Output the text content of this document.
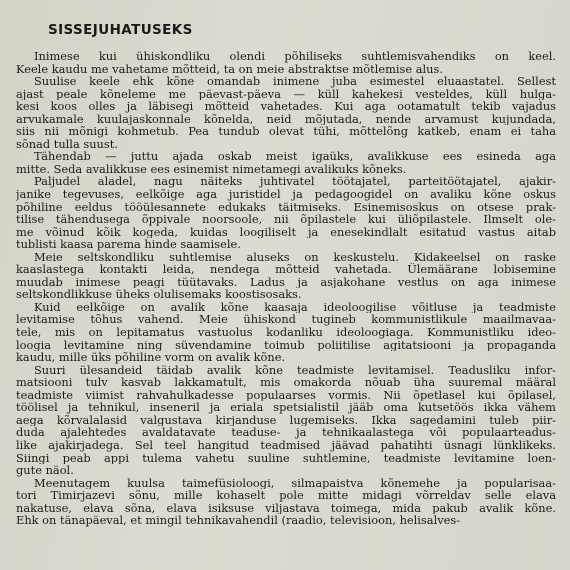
SISSEJUHATUSEKS
Inimese kui ühiskondliku olendi põhiliseks suhtlemisvahendiks on keel.
Keele kaudu me vahetame mõtteid, ta on meie abstraktse mõtlemise alus.
Suulise keele ehk kõne omandab inimene juba esimestel eluaastatel. Sellest
ajast peale kõneleme me päevast-päeva — küll kahekesi vesteldes, küll hulga-
kesi koos olles ja läbisegi mõtteid vahetades. Kui aga ootamatult tekib vajadus
arvukamale kuulajaskonnale kõnelda, neid mõjutada, nende arvamust kujundada,
siis nii mõnigi kohmetub. Pea tundub olevat tühi, mõttelõng katkeb, enam ei taha
sõnad tulla suust.
Tähendab — juttu ajada oskab meist igaüks, avalikkuse ees esineda aga
mitte. Seda avalikkuse ees esinemist nimetamegi avalikuks kõneks.
Paljudel aladel, nagu näiteks juhtivatel töötajatel, parteitöötajatel, ajakir-
janike tegevuses, eelkõige aga juristidel ja pedagoogidel on avaliku kõne oskus
põhiline eeldus tööülesannete edukaks täitmiseks. Esinemisoskus on otsese prak-
tilise tähendusega õppivale noorsoole, nii õpilastele kui üliõpilastele. Ilmselt ole-
me võinud kõik kogeda, kuidas loogiliselt ja enesekindlalt esitatud vastus aitab
tublisti kaasa parema hinde saamisele.
Meie seltskondliku suhtlemise aluseks on keskustelu. Kidakeelsel on raske
kaaslastega kontakti leida, nendega mõtteid vahetada. Ülemäärane lobisemine
muudab inimese peagi tüütavaks. Ladus ja asjakohane vestlus on aga inimese
seltskondlikkuse üheks olulisemaks koostisosaks.
Kuid eelkõige on avalik kõne kaasaja ideoloogilise võitluse ja teadmiste
levitamise tõhus vahend. Meie ühiskond tugineb kommunistlikule maailmavaa-
tele, mis on lepitamatus vastuolus kodanliku ideoloogiaga. Kommunistliku ideo-
loogia levitamine ning süvendamine toimub poliitilise agitatsiooni ja propaganda
kaudu, mille üks põhiline vorm on avalik kõne.
Suuri ülesandeid täidab avalik kõne teadmiste levitamisel. Teadusliku infor-
matsiooni tulv kasvab lakkamatult, mis omakorda nõuab üha suuremal määral
teadmiste viimist rahvahulkadesse populaarses vormis. Nii õpetlasel kui õpilasel,
töölisel ja tehnikul, inseneril ja eriala spetsialistil jääb oma kutsetöös ikka vähem
aega kõrvalalasid valgustava kirjanduse lugemiseks. Ikka sagedamini tuleb piir-
duda ajalehtedes avaldatavate teaduse- ja tehnikaalastega või populaarteadus-
like ajakirjadega. Sel teel hangitud teadmised jäävad pahatihti üsnagi lünklikeks.
Siingi peab appi tulema vahetu suuline suhtlemine, teadmiste levitamine loen-
gute näol.
Meenutagem kuulsa taimefüsioloogi, silmapaistva kõnemehe ja popularisaa-
tori Timirjazevi sõnu, mille kohaselt pole mitte midagi võrreldav selle elava
nakatuse, elava sõna, elava isiksuse viljastava toimega, mida pakub avalik kõne.
Ehk on tänapäeval, et mingil tehnikavahendil (raadio, televisioon, helisalves-
